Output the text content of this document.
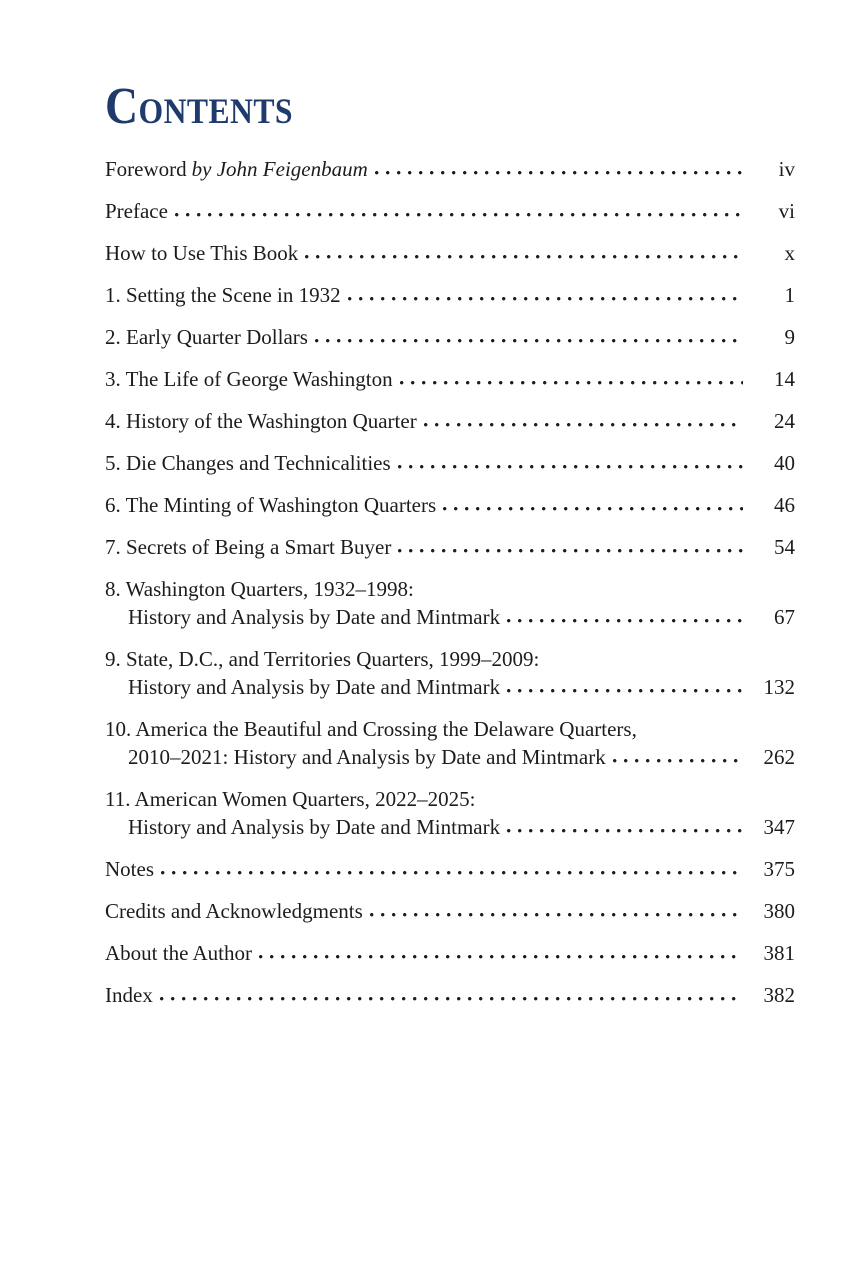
Contents
Foreword by John Feigenbaum	iv
Preface	vi
How to Use This Book	x
1. Setting the Scene in 1932	1
2. Early Quarter Dollars	9
3. The Life of George Washington	14
4. History of the Washington Quarter	24
5. Die Changes and Technicalities	40
6. The Minting of Washington Quarters	46
7. Secrets of Being a Smart Buyer	54
8. Washington Quarters, 1932–1998:
History and Analysis by Date and Mintmark	67
9. State, D.C., and Territories Quarters, 1999–2009:
History and Analysis by Date and Mintmark	132
10. America the Beautiful and Crossing the Delaware Quarters,
2010–2021: History and Analysis by Date and Mintmark	262
11. American Women Quarters, 2022–2025:
History and Analysis by Date and Mintmark	347
Notes	375
Credits and Acknowledgments	380
About the Author	381
Index	382
